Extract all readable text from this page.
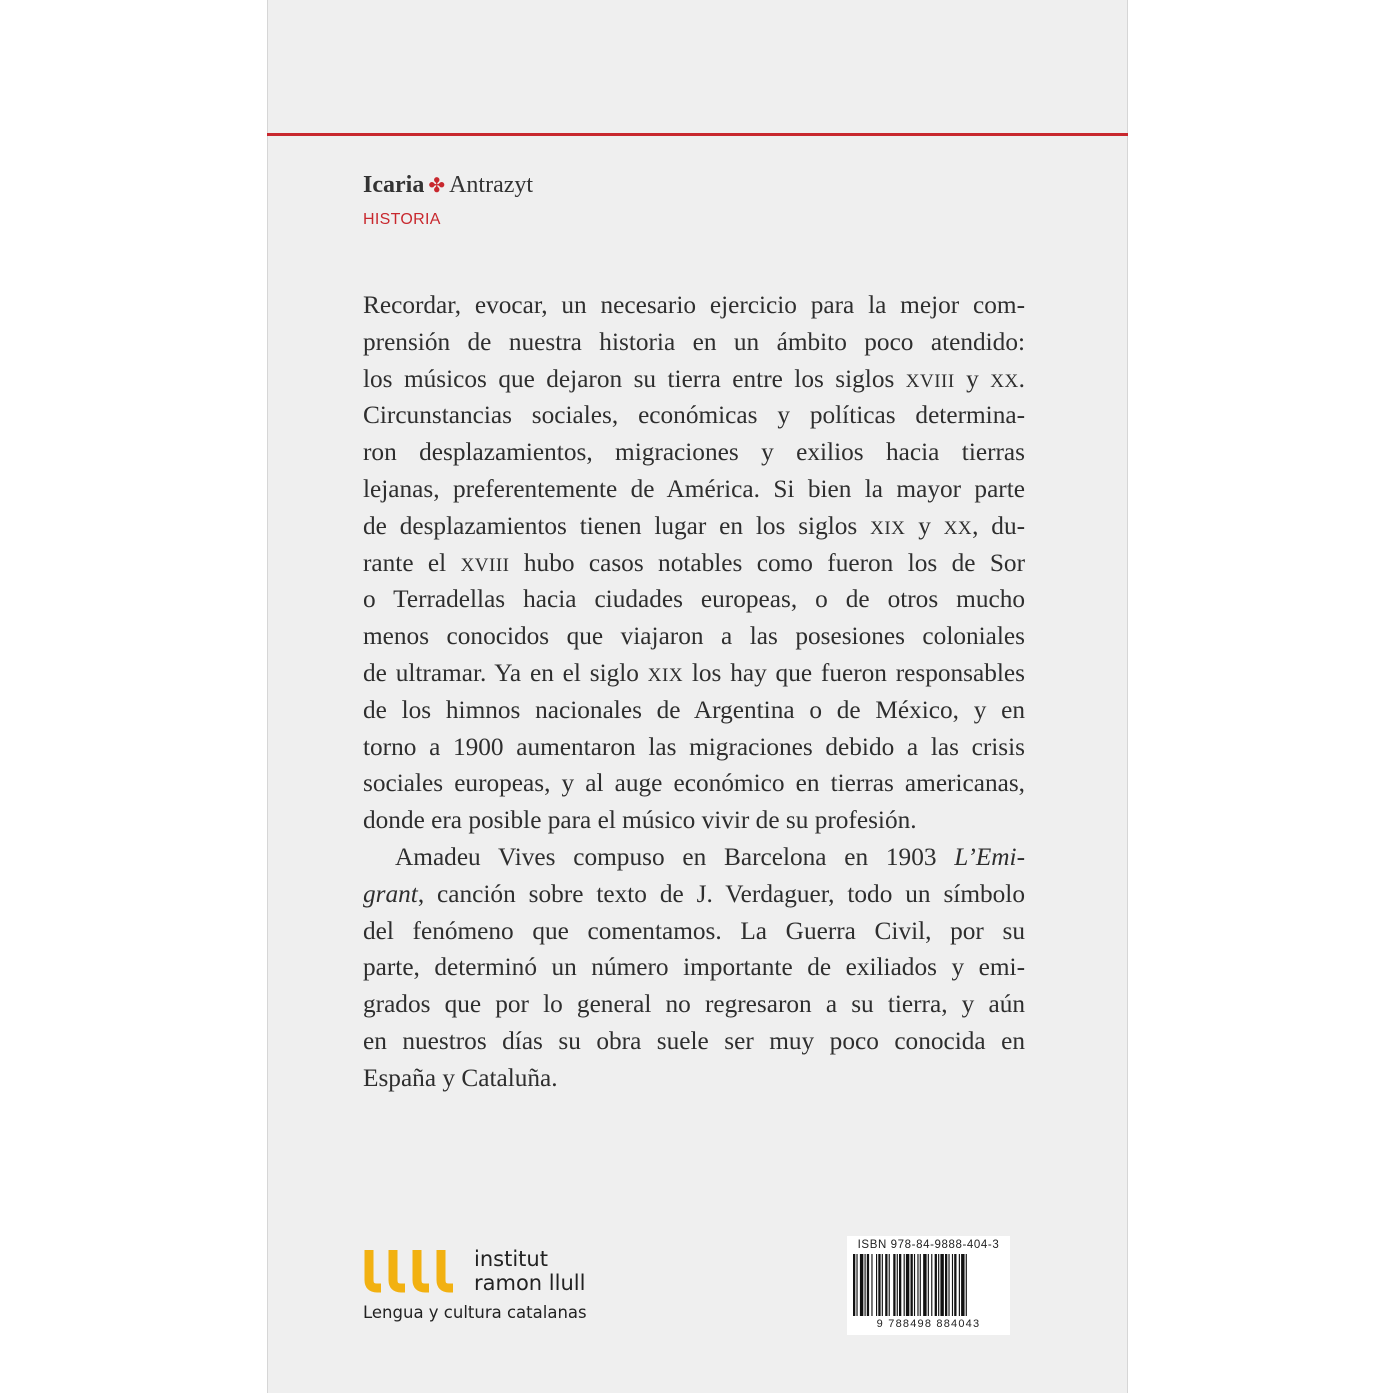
Icaria ✤ Antrazyt
HISTORIA
Recordar, evocar, un necesario ejercicio para la mejor com-
prensión de nuestra historia en un ámbito poco atendido:
los músicos que dejaron su tierra entre los siglos XVIII y XX.
Circunstancias sociales, económicas y políticas determina-
ron desplazamientos, migraciones y exilios hacia tierras
lejanas, preferentemente de América. Si bien la mayor parte
de desplazamientos tienen lugar en los siglos XIX y XX, du-
rante el XVIII hubo casos notables como fueron los de Sor
o Terradellas hacia ciudades europeas, o de otros mucho
menos conocidos que viajaron a las posesiones coloniales
de ultramar. Ya en el siglo XIX los hay que fueron responsables
de los himnos nacionales de Argentina o de México, y en
torno a 1900 aumentaron las migraciones debido a las crisis
sociales europeas, y al auge económico en tierras americanas,
donde era posible para el músico vivir de su profesión.
Amadeu Vives compuso en Barcelona en 1903 L’Emi-
grant, canción sobre texto de J. Verdaguer, todo un símbolo
del fenómeno que comentamos. La Guerra Civil, por su
parte, determinó un número importante de exiliados y emi-
grados que por lo general no regresaron a su tierra, y aún
en nuestros días su obra suele ser muy poco conocida en
España y Cataluña.
institut
ramon llull
Lengua y cultura catalanas
ISBN 978-84-9888-404-3
9 788498 884043
